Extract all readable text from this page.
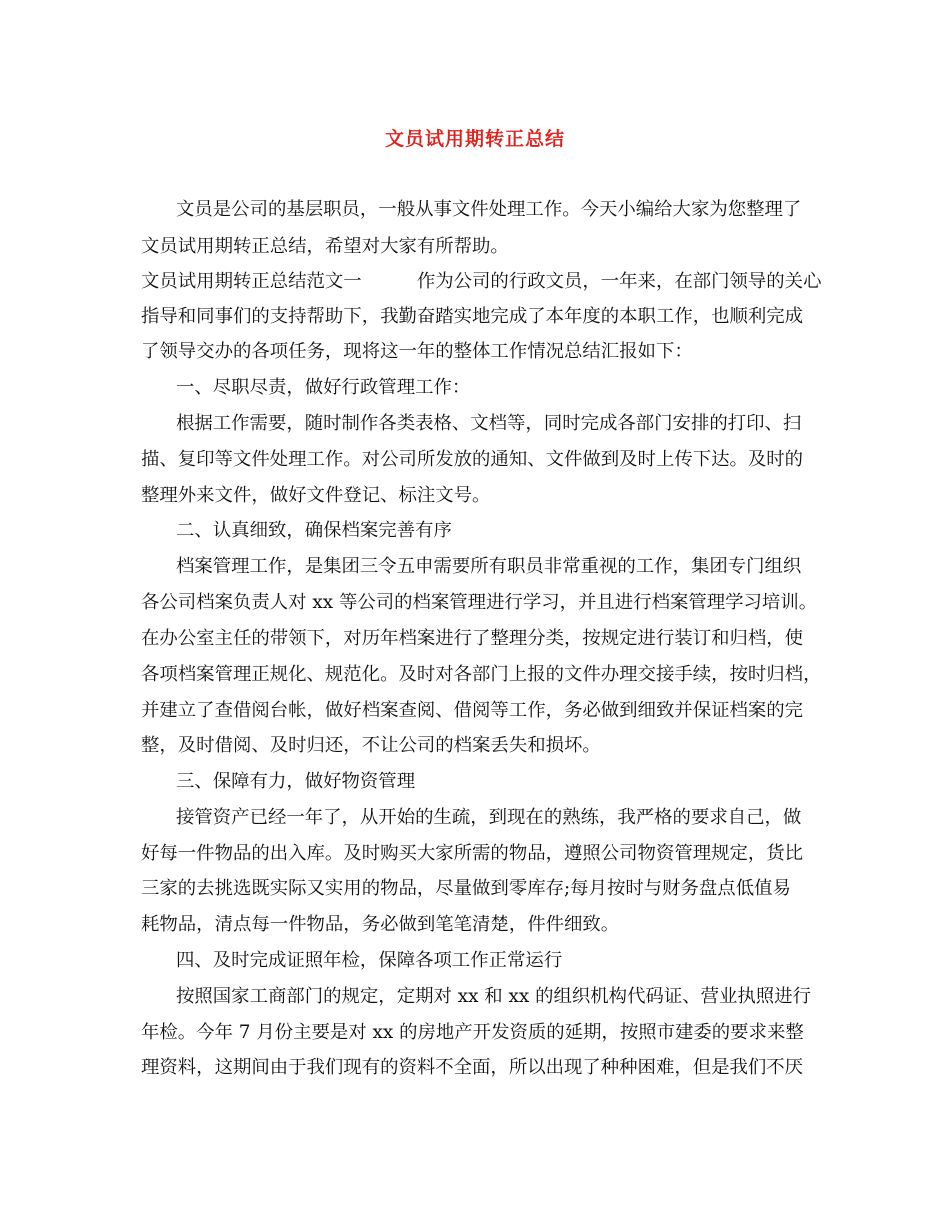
文员试用期转正总结
文员是公司的基层职员，一般从事文件处理工作。今天小编给大家为您整理了
文员试用期转正总结，希望对大家有所帮助。
文员试用期转正总结范文一　　　作为公司的行政文员，一年来，在部门领导的关心
指导和同事们的支持帮助下，我勤奋踏实地完成了本年度的本职工作，也顺利完成
了领导交办的各项任务，现将这一年的整体工作情况总结汇报如下：
一、尽职尽责，做好行政管理工作：
根据工作需要，随时制作各类表格、文档等，同时完成各部门安排的打印、扫
描、复印等文件处理工作。对公司所发放的通知、文件做到及时上传下达。及时的
整理外来文件，做好文件登记、标注文号。
二、认真细致，确保档案完善有序
档案管理工作，是集团三令五申需要所有职员非常重视的工作，集团专门组织
各公司档案负责人对 xx 等公司的档案管理进行学习，并且进行档案管理学习培训。
在办公室主任的带领下，对历年档案进行了整理分类，按规定进行装订和归档，使
各项档案管理正规化、规范化。及时对各部门上报的文件办理交接手续，按时归档，
并建立了查借阅台帐，做好档案查阅、借阅等工作，务必做到细致并保证档案的完
整，及时借阅、及时归还，不让公司的档案丢失和损坏。
三、保障有力，做好物资管理
接管资产已经一年了，从开始的生疏，到现在的熟练，我严格的要求自己，做
好每一件物品的出入库。及时购买大家所需的物品，遵照公司物资管理规定，货比
三家的去挑选既实际又实用的物品，尽量做到零库存;每月按时与财务盘点低值易
耗物品，清点每一件物品，务必做到笔笔清楚，件件细致。
四、及时完成证照年检，保障各项工作正常运行
按照国家工商部门的规定，定期对 xx 和 xx 的组织机构代码证、营业执照进行
年检。今年 7 月份主要是对 xx 的房地产开发资质的延期，按照市建委的要求来整
理资料，这期间由于我们现有的资料不全面，所以出现了种种困难，但是我们不厌
